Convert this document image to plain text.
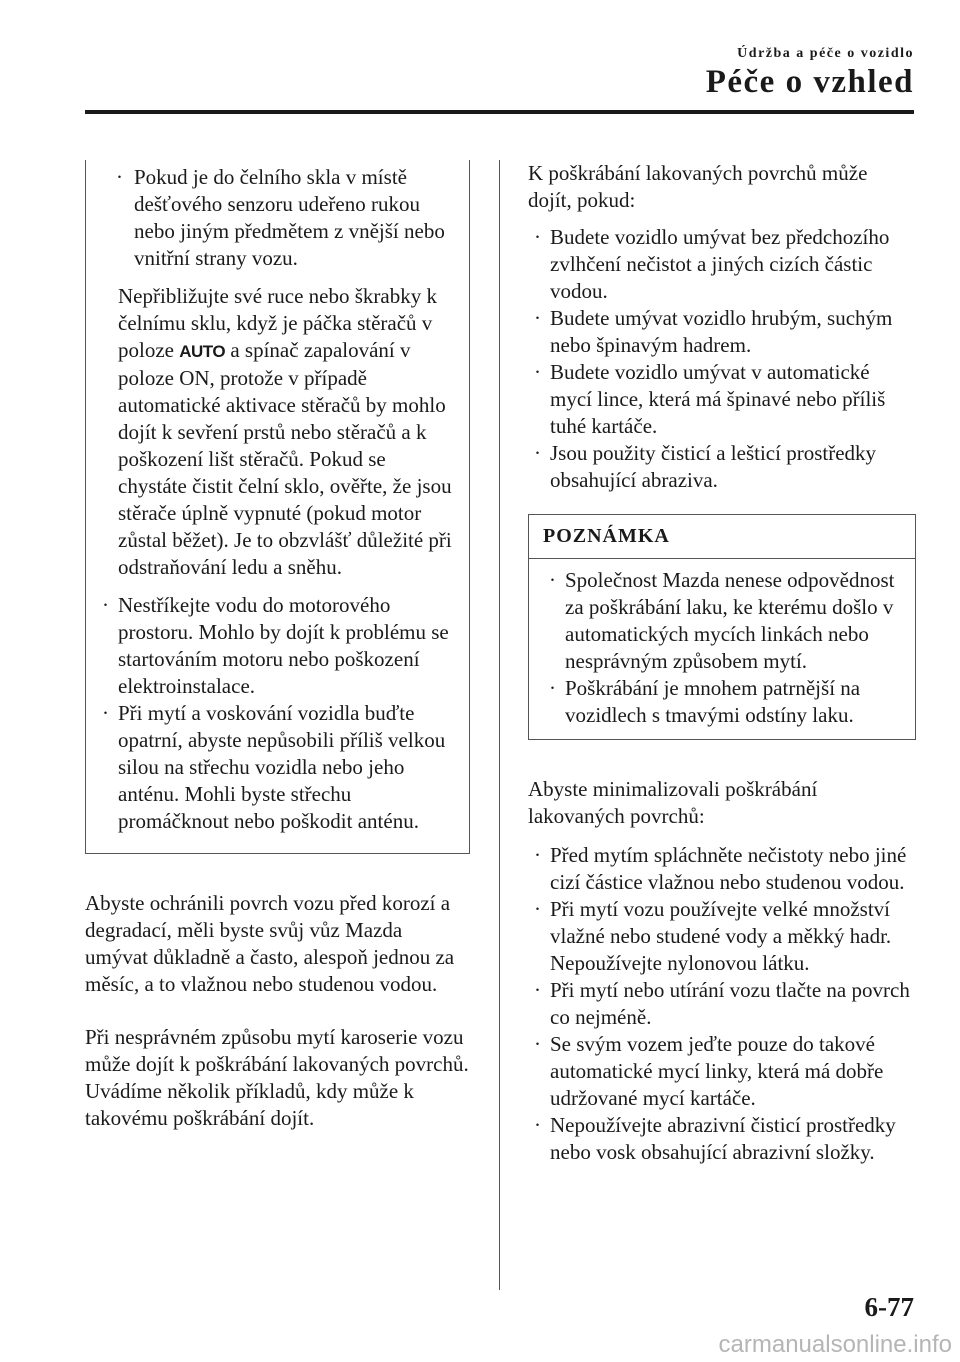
Údržba a péče o vozidlo
Péče o vzhled
· Pokud je do čelního skla v místě dešťového senzoru udeřeno rukou nebo jiným předmětem z vnější nebo vnitřní strany vozu.
Nepřibližujte své ruce nebo škrabky k čelnímu sklu, když je páčka stěračů v poloze AUTO a spínač zapalování v poloze ON, protože v případě automatické aktivace stěračů by mohlo dojít k sevření prstů nebo stěračů a k poškození lišt stěračů. Pokud se chystáte čistit čelní sklo, ověřte, že jsou stěrače úplně vypnuté (pokud motor zůstal běžet). Je to obzvlášť důležité při odstraňování ledu a sněhu.
· Nestříkejte vodu do motorového prostoru. Mohlo by dojít k problému se startováním motoru nebo poškození elektroinstalace.
· Při mytí a voskování vozidla buďte opatrní, abyste nepůsobili příliš velkou silou na střechu vozidla nebo jeho anténu. Mohli byste střechu promáčknout nebo poškodit anténu.

Abyste ochránili povrch vozu před korozí a degradací, měli byste svůj vůz Mazda umývat důkladně a často, alespoň jednou za měsíc, a to vlažnou nebo studenou vodou.

Při nesprávném způsobu mytí karoserie vozu může dojít k poškrábání lakovaných povrchů. Uvádíme několik příkladů, kdy může k takovému poškrábání dojít.

K poškrábání lakovaných povrchů může dojít, pokud:

· Budete vozidlo umývat bez předchozího zvlhčení nečistot a jiných cizích částic vodou.
· Budete umývat vozidlo hrubým, suchým nebo špinavým hadrem.
· Budete vozidlo umývat v automatické mycí lince, která má špinavé nebo příliš tuhé kartáče.
· Jsou použity čisticí a lešticí prostředky obsahující abraziva.
POZNÁMKA
· Společnost Mazda nenese odpovědnost za poškrábání laku, ke kterému došlo v automatických mycích linkách nebo nesprávným způsobem mytí.
· Poškrábání je mnohem patrnější na vozidlech s tmavými odstíny laku.

Abyste minimalizovali poškrábání lakovaných povrchů:

· Před mytím spláchněte nečistoty nebo jiné cizí částice vlažnou nebo studenou vodou.
· Při mytí vozu používejte velké množství vlažné nebo studené vody a měkký hadr. Nepoužívejte nylonovou látku.
· Při mytí nebo utírání vozu tlačte na povrch co nejméně.
· Se svým vozem jeďte pouze do takové automatické mycí linky, která má dobře udržované mycí kartáče.
· Nepoužívejte abrazivní čisticí prostředky nebo vosk obsahující abrazivní složky.
6-77
carmanualsonline.info
